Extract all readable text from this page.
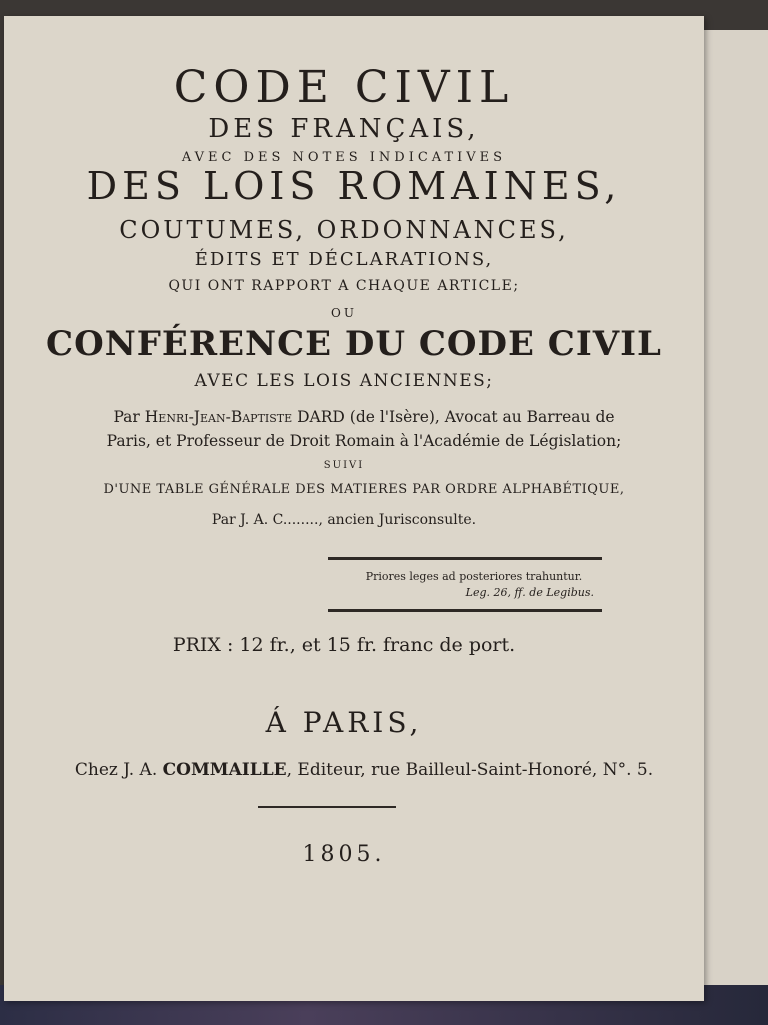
CODE CIVIL
DES FRANÇAIS,
AVEC DES NOTES INDICATIVES
DES LOIS ROMAINES,
COUTUMES, ORDONNANCES,
ÉDITS ET DÉCLARATIONS,
QUI ONT RAPPORT A CHAQUE ARTICLE;
OU
CONFÉRENCE DU CODE CIVIL
AVEC LES LOIS ANCIENNES;
Par Henri-Jean-Baptiste DARD (de l'Isère), Avocat au Barreau de
Paris, et Professeur de Droit Romain à l'Académie de Législation;
SUIVI
D'UNE TABLE GÉNÉRALE DES MATIERES PAR ORDRE ALPHABÉTIQUE,
Par J. A. C........, ancien Jurisconsulte.
Priores leges ad posteriores trahuntur.
Leg. 26, ff. de Legibus.
PRIX : 12 fr., et 15 fr. franc de port.
Á PARIS,
Chez J. A. COMMAILLE, Editeur, rue Bailleul-Saint-Honoré, N°. 5.
1805.
